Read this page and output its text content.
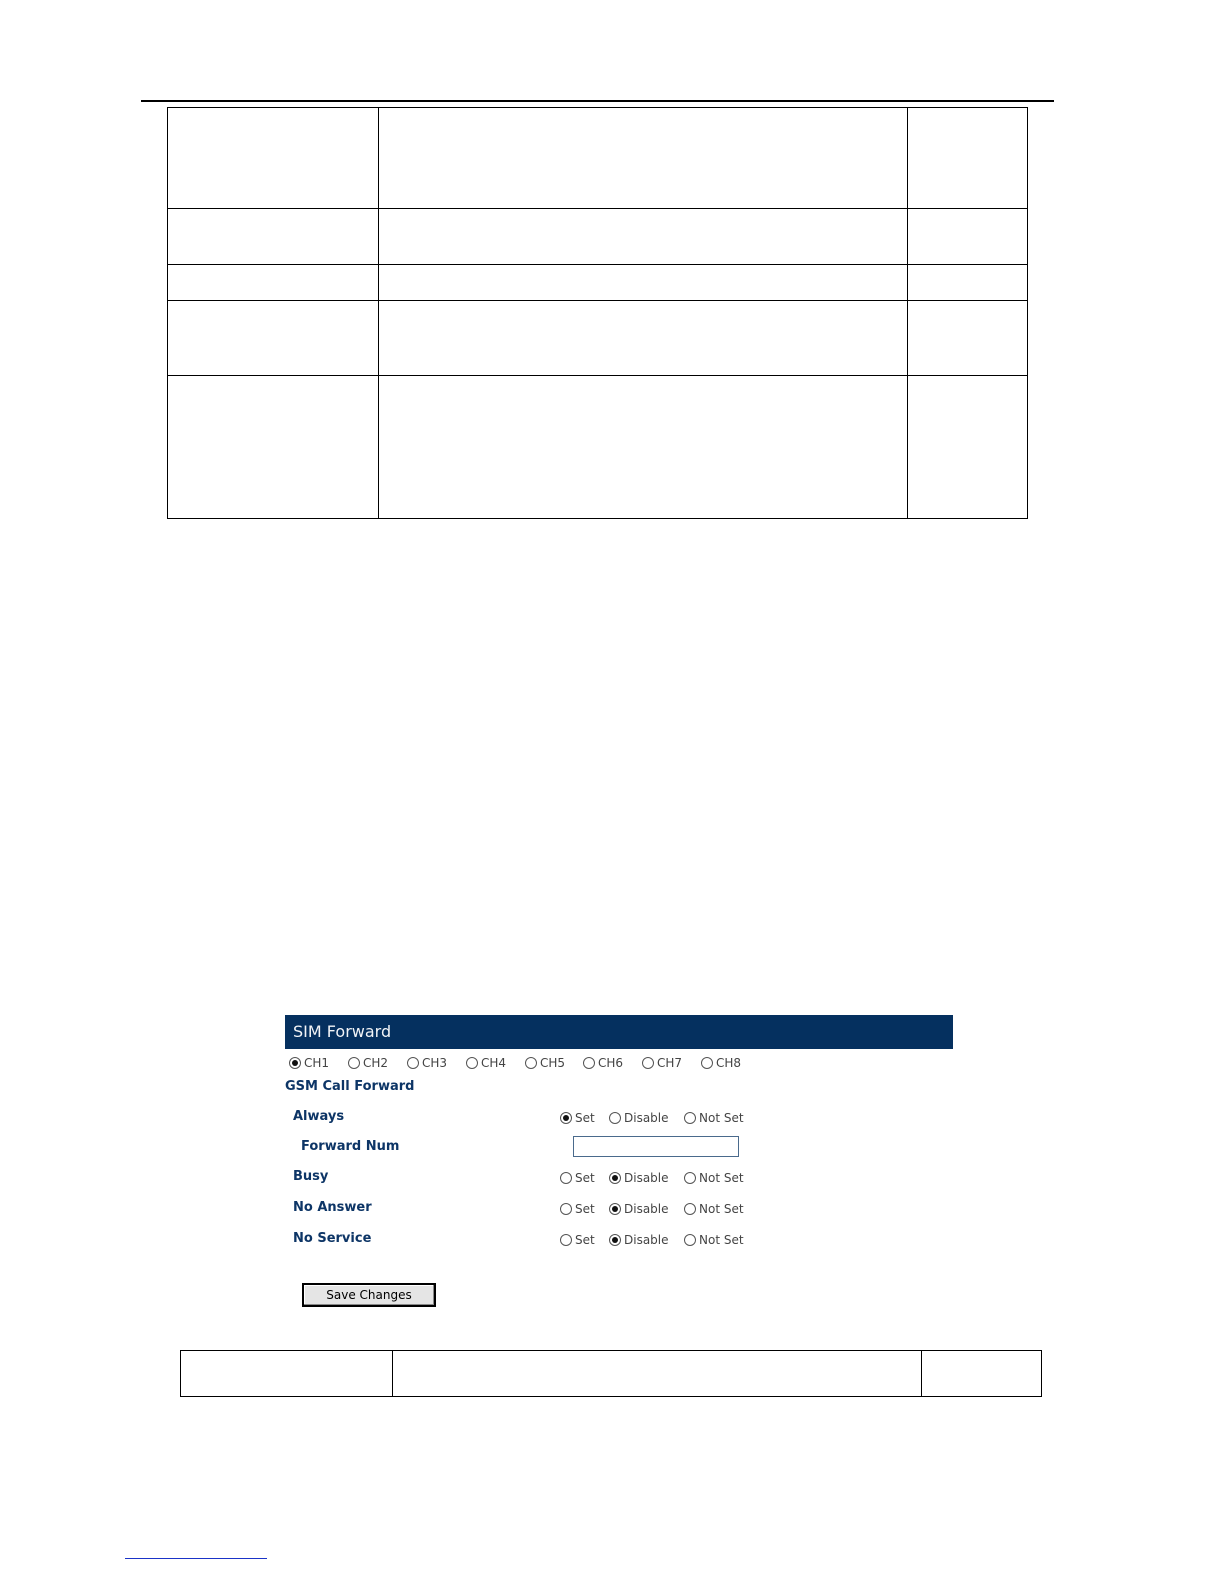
SIM Forward
CH1	CH2	CH3	CH4	CH5	CH6	CH7	CH8
GSM Call Forward
Always	Set Disable	Not Set
Forward Num
Busy	Set Disable	Not Set
No Answer	Set Disable	Not Set
No Service	Set Disable	Not Set
Save Changes
